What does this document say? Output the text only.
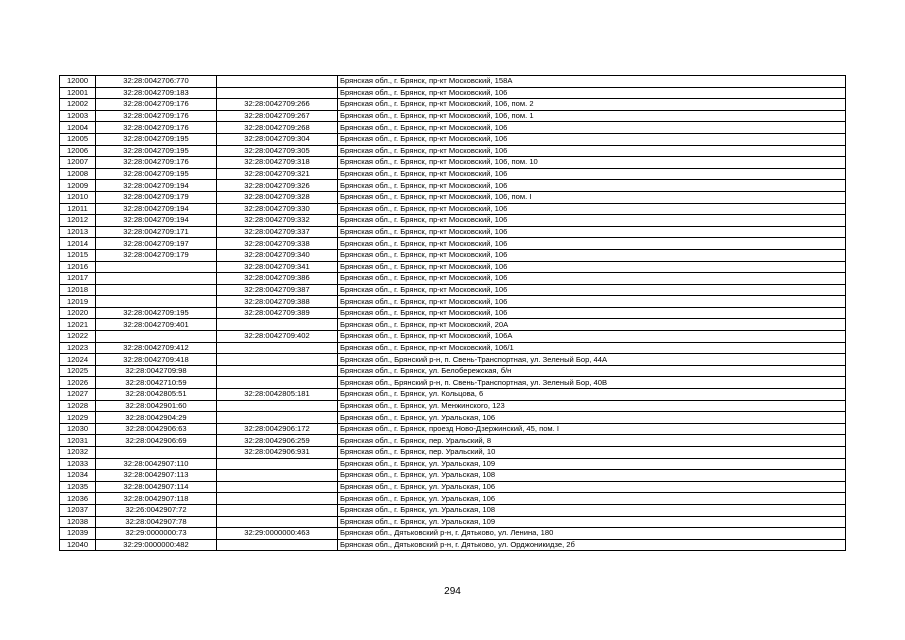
12000	32:28:0042706:770		Брянская обл., г. Брянск, пр-кт Московский, 158А
12001	32:28:0042709:183		Брянская обл., г. Брянск, пр-кт Московский, 106
12002	32:28:0042709:176	32:28:0042709:266	Брянская обл., г. Брянск, пр-кт Московский, 106, пом. 2
12003	32:28:0042709:176	32:28:0042709:267	Брянская обл., г. Брянск, пр-кт Московский, 106, пом. 1
12004	32:28:0042709:176	32:28:0042709:268	Брянская обл., г. Брянск, пр-кт Московский, 106
12005	32:28:0042709:195	32:28:0042709:304	Брянская обл., г. Брянск, пр-кт Московский, 106
12006	32:28:0042709:195	32:28:0042709:305	Брянская обл., г. Брянск, пр-кт Московский, 106
12007	32:28:0042709:176	32:28:0042709:318	Брянская обл., г. Брянск, пр-кт Московский, 106, пом. 10
12008	32:28:0042709:195	32:28:0042709:321	Брянская обл., г. Брянск, пр-кт Московский, 106
12009	32:28:0042709:194	32:28:0042709:326	Брянская обл., г. Брянск, пр-кт Московский, 106
12010	32:28:0042709:179	32:28:0042709:328	Брянская обл., г. Брянск, пр-кт Московский, 106, пом. I
12011	32:28:0042709:194	32:28:0042709:330	Брянская обл., г. Брянск, пр-кт Московский, 106
12012	32:28:0042709:194	32:28:0042709:332	Брянская обл., г. Брянск, пр-кт Московский, 106
12013	32:28:0042709:171	32:28:0042709:337	Брянская обл., г. Брянск, пр-кт Московский, 106
12014	32:28:0042709:197	32:28:0042709:338	Брянская обл., г. Брянск, пр-кт Московский, 106
12015	32:28:0042709:179	32:28:0042709:340	Брянская обл., г. Брянск, пр-кт Московский, 106
12016		32:28:0042709:341	Брянская обл., г. Брянск, пр-кт Московский, 106
12017		32:28:0042709:386	Брянская обл., г. Брянск, пр-кт Московский, 106
12018		32:28:0042709:387	Брянская обл., г. Брянск, пр-кт Московский, 106
12019		32:28:0042709:388	Брянская обл., г. Брянск, пр-кт Московский, 106
12020	32:28:0042709:195	32:28:0042709:389	Брянская обл., г. Брянск, пр-кт Московский, 106
12021	32:28:0042709:401		Брянская обл., г. Брянск, пр-кт Московский, 20А
12022		32:28:0042709:402	Брянская обл., г. Брянск, пр-кт Московский, 106А
12023	32:28:0042709:412		Брянская обл., г. Брянск, пр-кт Московский, 106/1
12024	32:28:0042709:418		Брянская обл., Брянский р-н, п. Свень-Транспортная, ул. Зеленый Бор, 44А
12025	32:28:0042709:98		Брянская обл., г. Брянск, ул. Белобережская, б/н
12026	32:28:0042710:59		Брянская обл., Брянский р-н, п. Свень-Транспортная, ул. Зеленый Бор, 40В
12027	32:28:0042805:51	32:28:0042805:181	Брянская обл., г. Брянск, ул. Кольцова, 6
12028	32:28:0042901:60		Брянская обл., г. Брянск, ул. Менжинского, 123
12029	32:28:0042904:29		Брянская обл., г. Брянск, ул. Уральская, 106
12030	32:28:0042906:63	32:28:0042906:172	Брянская обл., г. Брянск, проезд Ново-Дзержинский, 45, пом. I
12031	32:28:0042906:69	32:28:0042906:259	Брянская обл., г. Брянск, пер. Уральский, 8
12032		32:28:0042906:931	Брянская обл., г. Брянск, пер. Уральский, 10
12033	32:28:0042907:110		Брянская обл., г. Брянск, ул. Уральская, 109
12034	32:28:0042907:113		Брянская обл., г. Брянск, ул. Уральская, 108
12035	32:28:0042907:114		Брянская обл., г. Брянск, ул. Уральская, 106
12036	32:28:0042907:118		Брянская обл., г. Брянск, ул. Уральская, 106
12037	32:26:0042907:72		Брянская обл., г. Брянск, ул. Уральская, 108
12038	32:28:0042907:78		Брянская обл., г. Брянск, ул. Уральская, 109
12039	32:29:0000000:73	32:29:0000000:463	Брянская обл., Дятьковский р-н, г. Дятьково, ул. Ленина, 180
12040	32:29:0000000:482		Брянская обл., Дятьковский р-н, г. Дятьково, ул. Орджоникидзе, 2б
294
